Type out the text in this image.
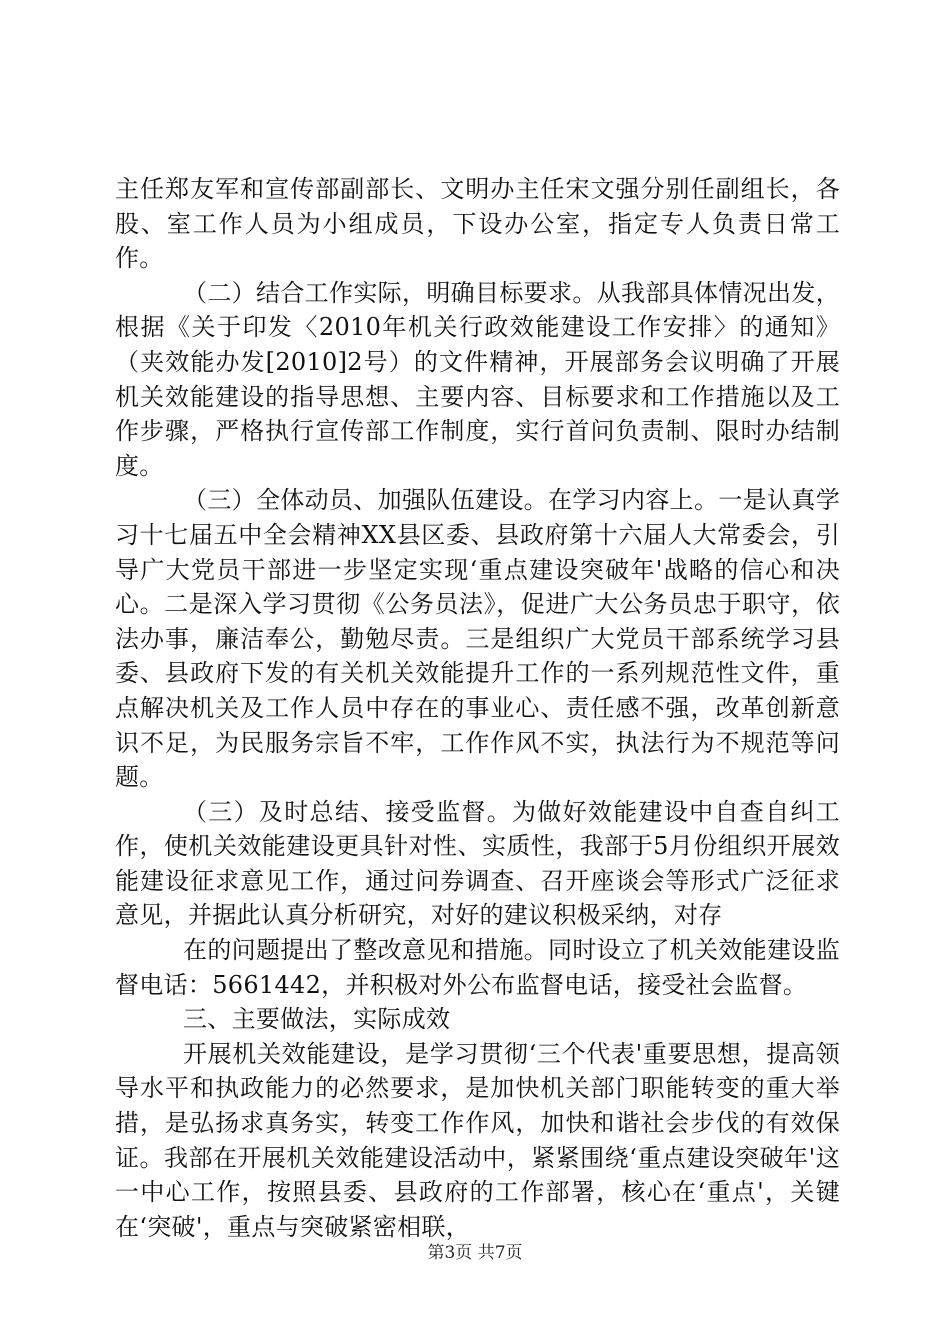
主任郑友军和宣传部副部长、文明办主任宋文强分别任副组长，各股、室工作人员为小组成员，下设办公室，指定专人负责日常工作。

（二）结合工作实际，明确目标要求。从我部具体情况出发，根据《关于印发〈2010年机关行政效能建设工作安排〉的通知》（夹效能办发[2010]2号）的文件精神，开展部务会议明确了开展机关效能建设的指导思想、主要内容、目标要求和工作措施以及工作步骤，严格执行宣传部工作制度，实行首问负责制、限时办结制度。

（三）全体动员、加强队伍建设。在学习内容上。一是认真学习十七届五中全会精神XX县区委、县政府第十六届人大常委会，引导广大党员干部进一步坚定实现‘重点建设突破年'战略的信心和决心。二是深入学习贯彻《公务员法》，促进广大公务员忠于职守，依法办事，廉洁奉公，勤勉尽责。三是组织广大党员干部系统学习县委、县政府下发的有关机关效能提升工作的一系列规范性文件，重点解决机关及工作人员中存在的事业心、责任感不强，改革创新意识不足，为民服务宗旨不牢，工作作风不实，执法行为不规范等问题。

（三）及时总结、接受监督。为做好效能建设中自查自纠工作，使机关效能建设更具针对性、实质性，我部于5月份组织开展效能建设征求意见工作，通过问券调查、召开座谈会等形式广泛征求意见，并据此认真分析研究，对好的建议积极采纳，对存

在的问题提出了整改意见和措施。同时设立了机关效能建设监督电话：5661442，并积极对外公布监督电话，接受社会监督。

三、主要做法，实际成效

开展机关效能建设，是学习贯彻‘三个代表'重要思想，提高领导水平和执政能力的必然要求，是加快机关部门职能转变的重大举措，是弘扬求真务实，转变工作作风，加快和谐社会步伐的有效保证。我部在开展机关效能建设活动中，紧紧围绕‘重点建设突破年'这一中心工作，按照县委、县政府的工作部署，核心在‘重点'，关键在‘突破'，重点与突破紧密相联，

第3页 共7页
